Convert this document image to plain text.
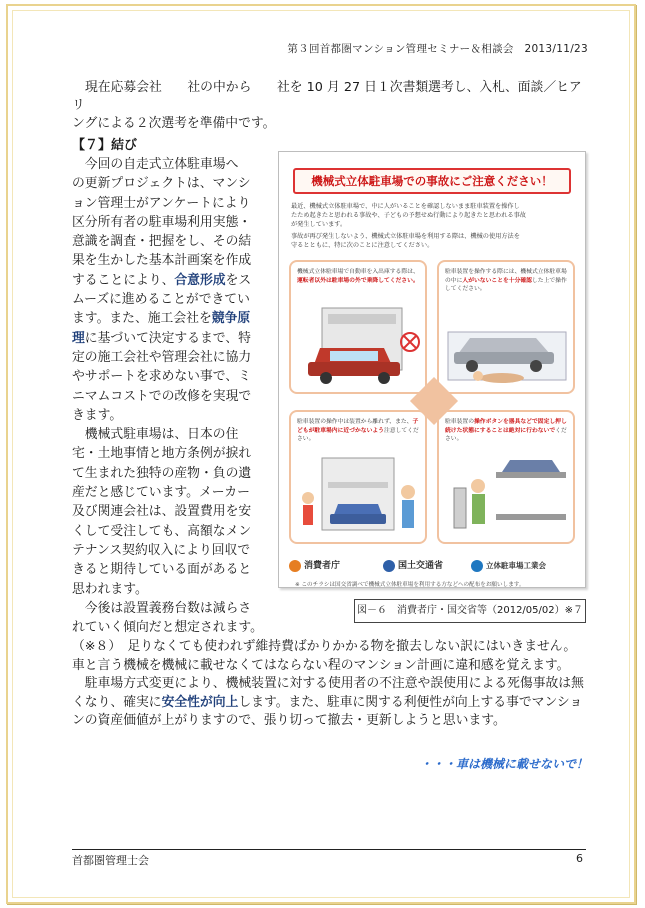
第３回首都圏マンション管理セミナー＆相談会　2013/11/23
現在応募会社　　社の中から　　社を 10 月 27 日１次書類選考し、入札、面談／ヒアリ
ングによる２次選考を準備中です。
【７】結び
　今回の自走式立体駐車場へ
の更新プロジェクトは、マンシ
ョン管理士がアンケートにより
区分所有者の駐車場利用実態・
意識を調査・把握をし、その結
果を生かした基本計画案を作成
することにより、合意形成をス
ムーズに進めることができてい
ます。また、施工会社を競争原
理に基づいて決定するまで、特
定の施工会社や管理会社に協力
やサポートを求めない事で、ミ
ニマムコストでの改修を実現で
きます。
　機械式駐車場は、日本の住
宅・土地事情と地方条例が捩れ
て生まれた独特の産物・負の遺
産だと感じています。メーカー
及び関連会社は、設置費用を安
くして受注しても、高額なメン
テナンス契約収入により回収で
きると期待している面があると
思われます。
　今後は設置義務台数は減らさ
れていく傾向だと想定されます。
機械式立体駐車場での事故にご注意ください！
最近、機械式立体駐車場で、中に人がいることを確認しないまま駐車装置を操作し
たため起きたと思われる事故や、子どもの予想せぬ行動により起きたと思われる事故
が発生しています。
事故が再び発生しないよう、機械式立体駐車場を利用する際は、機械の使用方法を
守るとともに、特に次のことに注意してください。
機械式立体駐車場で自動車を入出庫する際は、運転者以外は駐車場の外で乗降してください。
駐車装置を操作する際には、機械式立体駐車場の中に人がいないことを十分確認した上で操作してください。
駐車装置の操作中は装置から離れず、また、子どもが駐車場内に近づかないよう注意してください。
駐車装置の操作ボタンを器具などで固定し押し続けた状態にすることは絶対に行わないでください。
消費者庁	国土交通省	立体駐車場工業会
※ このチラシは国交省調べで機械式立体駐車場を利用する方などへの配布をお願いします。
図－６　消費者庁・国交省等（2012/05/02）※７
（※８）　足りなくても使われず維持費ばかりかかる物を撤去しない訳にはいきません。
車と言う機械を機械に載せなくてはならない程のマンション計画に違和感を覚えます。
　駐車場方式変更により、機械装置に対する使用者の不注意や誤使用による死傷事故は無
くなり、確実に安全性が向上します。また、駐車に関する利便性が向上する事でマンショ
ンの資産価値が上がりますので、張り切って撤去・更新しようと思います。
・・・車は機械に載せないで！
首都圏管理士会	6
